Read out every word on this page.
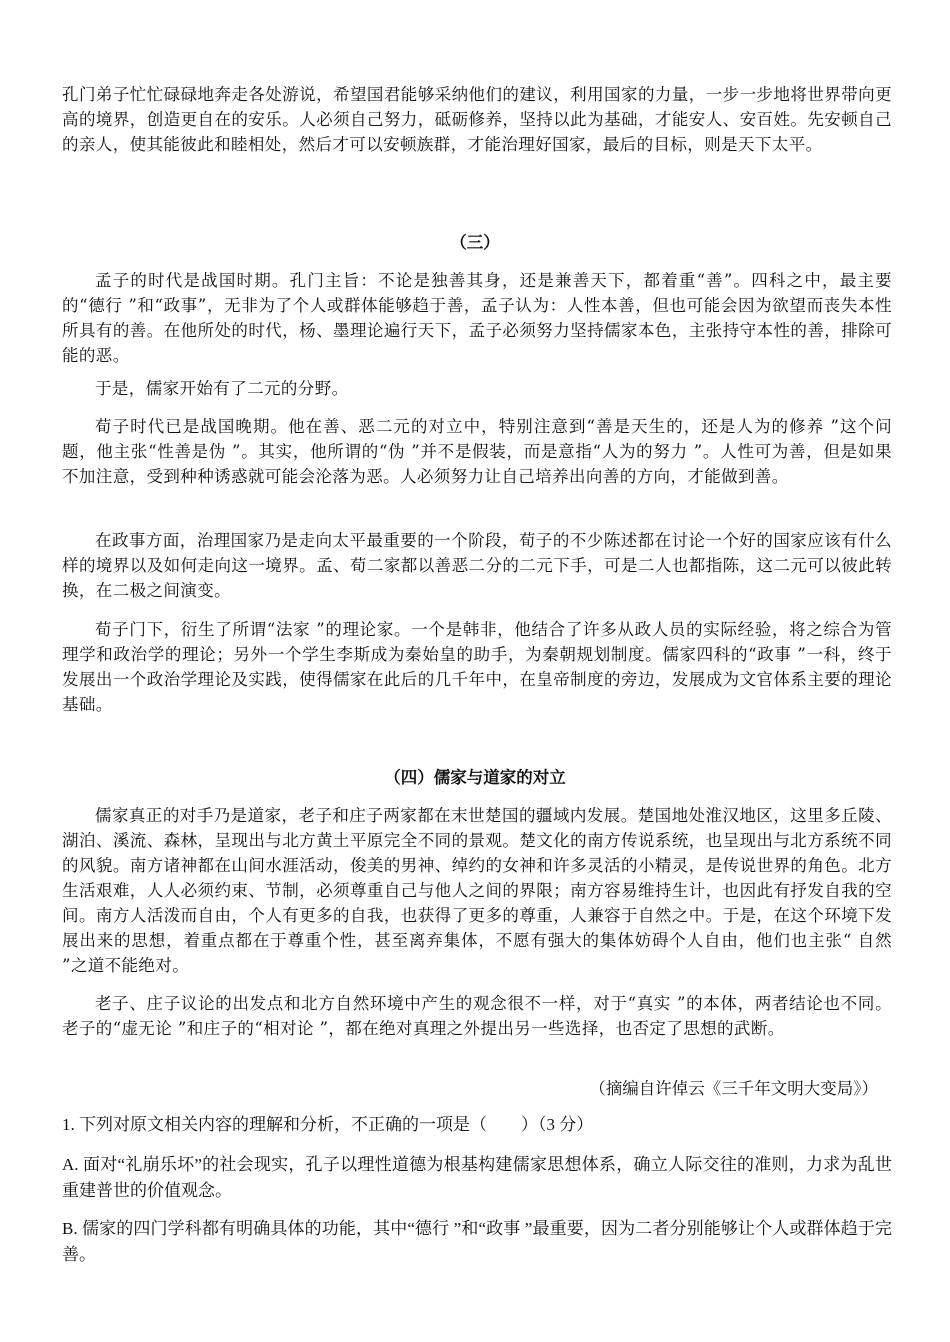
孔门弟子忙忙碌碌地奔走各处游说，希望国君能够采纳他们的建议，利用国家的力量，一步一步地将世界带向更高的境界，创造更自在的安乐。人必须自己努力，砥砺修养，坚持以此为基础，才能安人、安百姓。先安顿自己的亲人，使其能彼此和睦相处，然后才可以安顿族群，才能治理好国家，最后的目标，则是天下太平。

（三）

孟子的时代是战国时期。孔门主旨：不论是独善其身，还是兼善天下，都着重“善”。四科之中，最主要的“德行 ”和“政事”，无非为了个人或群体能够趋于善，孟子认为：人性本善，但也可能会因为欲望而丧失本性所具有的善。在他所处的时代，杨、墨理论遍行天下，孟子必须努力坚持儒家本色，主张持守本性的善，排除可能的恶。

于是，儒家开始有了二元的分野。

荀子时代已是战国晚期。他在善、恶二元的对立中，特别注意到“善是天生的，还是人为的修养 ”这个问题，他主张“性善是伪 ”。其实，他所谓的“伪 ”并不是假装，而是意指“人为的努力 ”。人性可为善，但是如果不加注意，受到种种诱惑就可能会沦落为恶。人必须努力让自己培养出向善的方向，才能做到善。

在政事方面，治理国家乃是走向太平最重要的一个阶段，荀子的不少陈述都在讨论一个好的国家应该有什么样的境界以及如何走向这一境界。孟、荀二家都以善恶二分的二元下手，可是二人也都指陈，这二元可以彼此转换，在二极之间演变。

荀子门下，衍生了所谓“法家 ”的理论家。一个是韩非，他结合了许多从政人员的实际经验，将之综合为管理学和政治学的理论；另外一个学生李斯成为秦始皇的助手，为秦朝规划制度。儒家四科的“政事 ”一科，终于发展出一个政治学理论及实践，使得儒家在此后的几千年中，在皇帝制度的旁边，发展成为文官体系主要的理论基础。

（四）儒家与道家的对立

儒家真正的对手乃是道家，老子和庄子两家都在末世楚国的疆域内发展。楚国地处淮汉地区，这里多丘陵、湖泊、溪流、森林，呈现出与北方黄土平原完全不同的景观。楚文化的南方传说系统，也呈现出与北方系统不同的风貌。南方诸神都在山间水涯活动，俊美的男神、绰约的女神和许多灵活的小精灵，是传说世界的角色。北方生活艰难，人人必须约束、节制，必须尊重自己与他人之间的界限；南方容易维持生计，也因此有抒发自我的空间。南方人活泼而自由，个人有更多的自我，也获得了更多的尊重，人兼容于自然之中。于是，在这个环境下发展出来的思想，着重点都在于尊重个性，甚至离弃集体，不愿有强大的集体妨碍个人自由，他们也主张“ 自然 ”之道不能绝对。

老子、庄子议论的出发点和北方自然环境中产生的观念很不一样，对于“真实 ”的本体，两者结论也不同。老子的“虚无论 ”和庄子的“相对论 ”，都在绝对真理之外提出另一些选择，也否定了思想的武断。

（摘编自许倬云《三千年文明大变局》）

1. 下列对原文相关内容的理解和分析，不正确的一项是（　　）（3 分）

A. 面对“礼崩乐坏”的社会现实，孔子以理性道德为根基构建儒家思想体系，确立人际交往的准则，力求为乱世重建普世的价值观念。

B. 儒家的四门学科都有明确具体的功能，其中“德行 ”和“政事 ”最重要，因为二者分别能够让个人或群体趋于完善。
